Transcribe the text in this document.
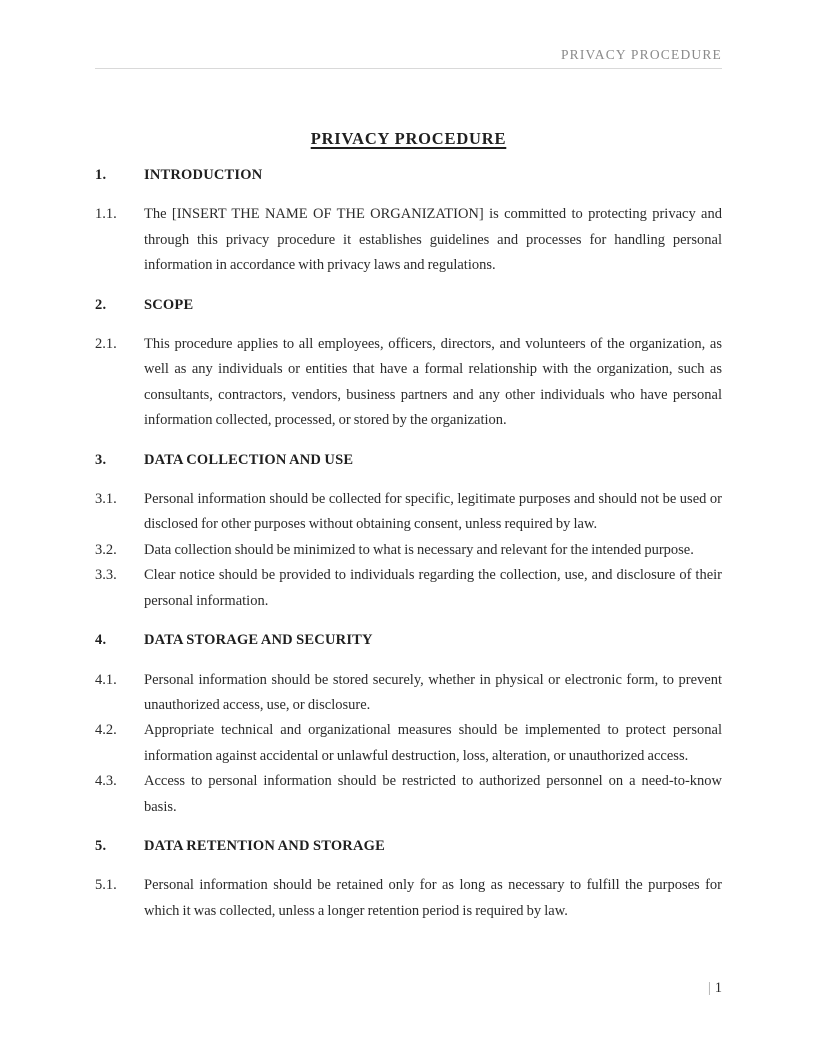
PRIVACY PROCEDURE
PRIVACY PROCEDURE
1.	INTRODUCTION
1.1.	The [INSERT THE NAME OF THE ORGANIZATION] is committed to protecting privacy and through this privacy procedure it establishes guidelines and processes for handling personal information in accordance with privacy laws and regulations.
2.	SCOPE
2.1.	This procedure applies to all employees, officers, directors, and volunteers of the organization, as well as any individuals or entities that have a formal relationship with the organization, such as consultants, contractors, vendors, business partners and any other individuals who have personal information collected, processed, or stored by the organization.
3.	DATA COLLECTION AND USE
3.1.	Personal information should be collected for specific, legitimate purposes and should not be used or disclosed for other purposes without obtaining consent, unless required by law.
3.2.	Data collection should be minimized to what is necessary and relevant for the intended purpose.
3.3.	Clear notice should be provided to individuals regarding the collection, use, and disclosure of their personal information.
4.	DATA STORAGE AND SECURITY
4.1.	Personal information should be stored securely, whether in physical or electronic form, to prevent unauthorized access, use, or disclosure.
4.2.	Appropriate technical and organizational measures should be implemented to protect personal information against accidental or unlawful destruction, loss, alteration, or unauthorized access.
4.3.	Access to personal information should be restricted to authorized personnel on a need-to-know basis.
5.	DATA RETENTION AND STORAGE
5.1.	Personal information should be retained only for as long as necessary to fulfill the purposes for which it was collected, unless a longer retention period is required by law.
| 1
